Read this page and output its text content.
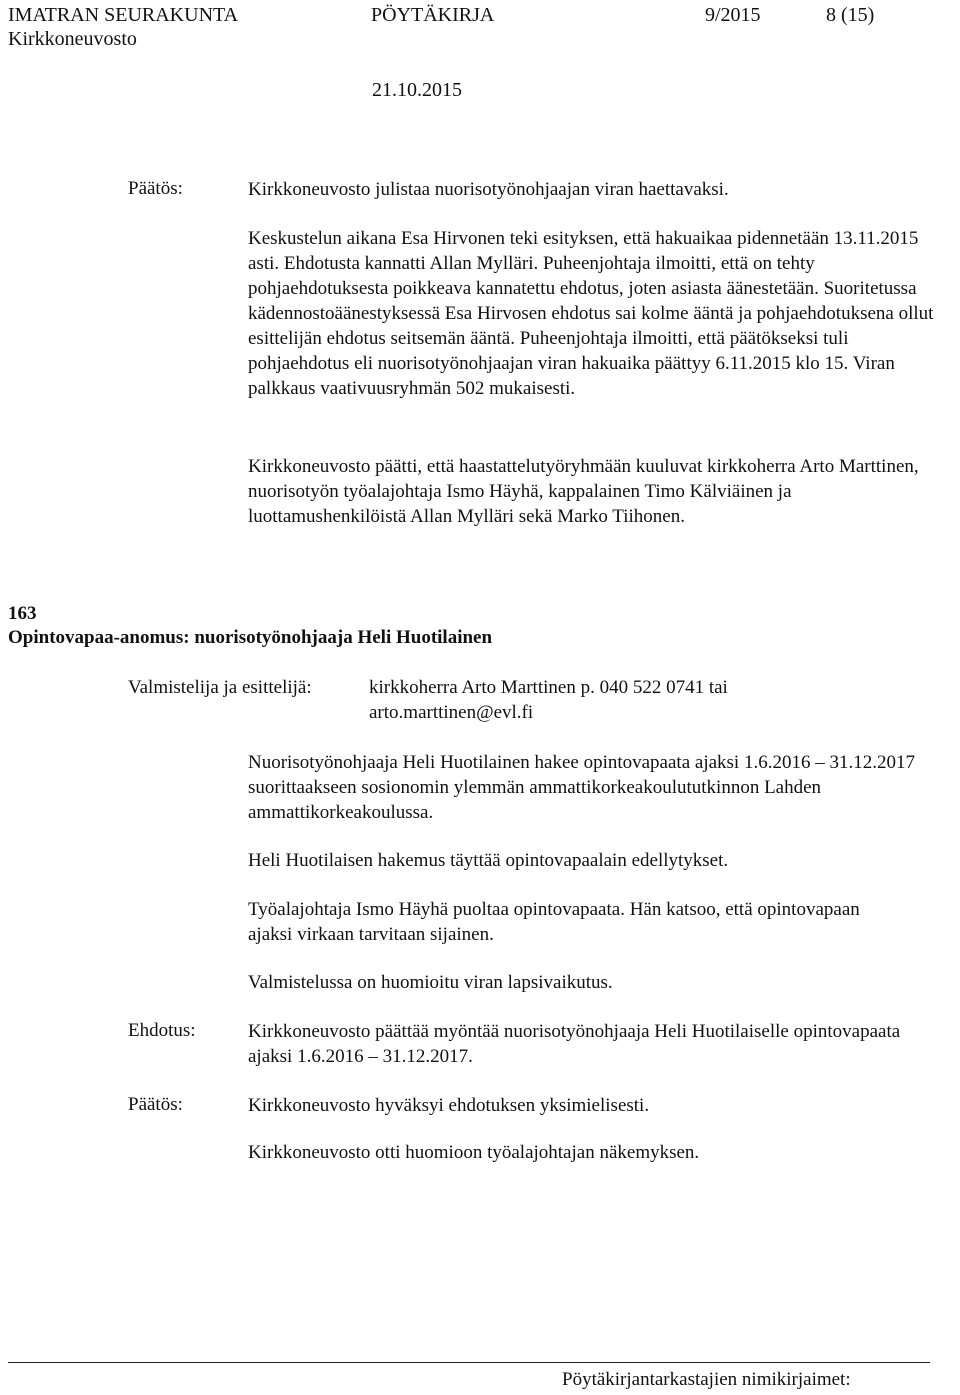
IMATRAN SEURAKUNTA	PÖYTÄKIRJA	9/2015	8 (15)
Kirkkoneuvosto
21.10.2015
Päätös:	Kirkkoneuvosto julistaa nuorisotyönohjaajan viran haettavaksi.
Keskustelun aikana Esa Hirvonen teki esityksen, että hakuaikaa pidennetään 13.11.2015 asti. Ehdotusta kannatti Allan Mylläri. Puheenjohtaja ilmoitti, että on tehty pohjaehdotuksesta poikkeava kannatettu ehdotus, joten asiasta äänestetään. Suoritetussa kädennostoäänestyksessä Esa Hirvosen ehdotus sai kolme ääntä ja pohjaehdotuksena ollut esittelijän ehdotus seitsemän ääntä. Puheenjohtaja ilmoitti, että päätökseksi tuli pohjaehdotus eli nuorisotyönohjaajan viran hakuaika päättyy 6.11.2015 klo 15. Viran palkkaus vaativuusryhmän 502 mukaisesti.
Kirkkoneuvosto päätti, että haastattelutyöryhmään kuuluvat kirkkoherra Arto Marttinen, nuorisotyön työalajohtaja Ismo Häyhä, kappalainen Timo Kälviäinen ja luottamushenkilöistä Allan Mylläri sekä Marko Tiihonen.
163
Opintovapaa-anomus: nuorisotyönohjaaja Heli Huotilainen
Valmistelija ja esittelijä:	kirkkoherra Arto Marttinen p. 040 522 0741 tai
arto.marttinen@evl.fi
Nuorisotyönohjaaja Heli Huotilainen hakee opintovapaata ajaksi 1.6.2016 – 31.12.2017 suorittaakseen sosionomin ylemmän ammattikorkeakoulututkinnon Lahden ammattikorkeakoulussa.
Heli Huotilaisen hakemus täyttää opintovapaalain edellytykset.
Työalajohtaja Ismo Häyhä puoltaa opintovapaata. Hän katsoo, että opintovapaan ajaksi virkaan tarvitaan sijainen.
Valmistelussa on huomioitu viran lapsivaikutus.
Ehdotus:	Kirkkoneuvosto päättää myöntää nuorisotyönohjaaja Heli Huotilaiselle opintovapaata ajaksi 1.6.2016 – 31.12.2017.
Päätös:	Kirkkoneuvosto hyväksyi ehdotuksen yksimielisesti.
Kirkkoneuvosto otti huomioon työalajohtajan näkemyksen.
Pöytäkirjantarkastajien nimikirjaimet:
